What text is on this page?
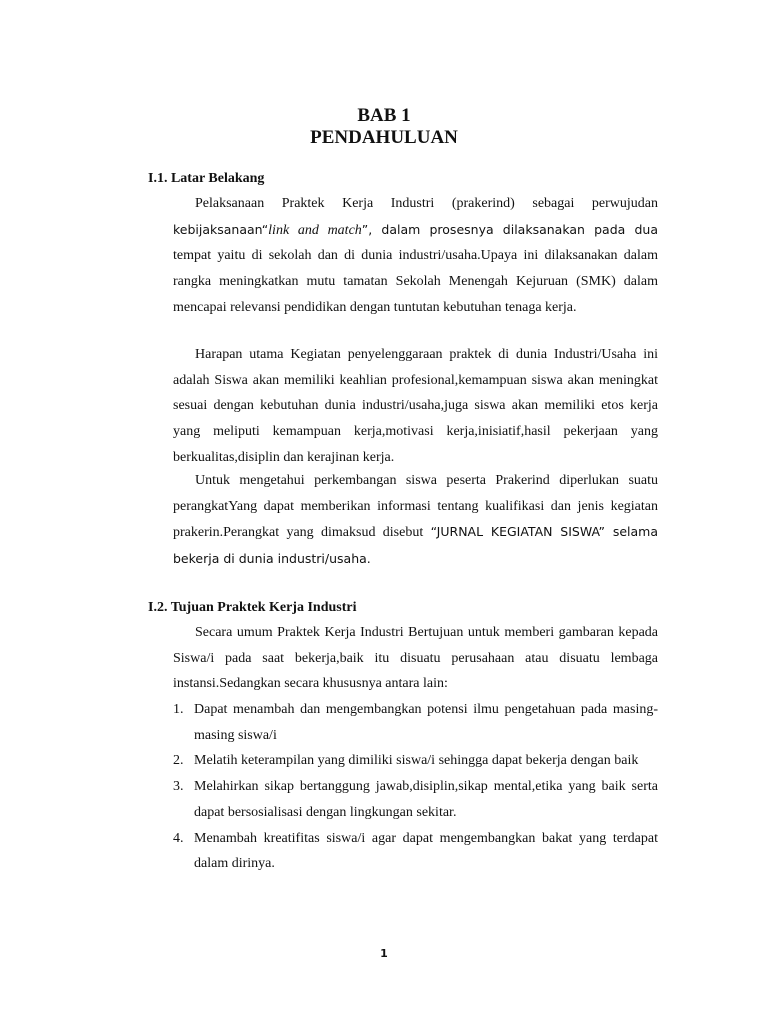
BAB 1
PENDAHULUAN
I.1. Latar Belakang
Pelaksanaan Praktek Kerja Industri (prakerind) sebagai perwujudan kebijaksanaan“link and match”, dalam prosesnya dilaksanakan pada dua tempat yaitu di sekolah dan di dunia industri/usaha.Upaya ini dilaksanakan dalam rangka meningkatkan mutu tamatan Sekolah Menengah Kejuruan (SMK) dalam mencapai relevansi pendidikan dengan tuntutan kebutuhan tenaga kerja.
Harapan utama Kegiatan penyelenggaraan praktek di dunia Industri/Usaha ini adalah Siswa akan memiliki keahlian profesional,kemampuan siswa akan meningkat sesuai dengan kebutuhan dunia industri/usaha,juga siswa akan memiliki etos kerja yang meliputi kemampuan kerja,motivasi kerja,inisiatif,hasil pekerjaan yang berkualitas,disiplin dan kerajinan kerja.
Untuk mengetahui perkembangan siswa peserta Prakerind diperlukan suatu perangkatYang dapat memberikan informasi tentang kualifikasi dan jenis kegiatan prakerin.Perangkat yang dimaksud disebut “JURNAL KEGIATAN SISWA” selama bekerja di dunia industri/usaha.
I.2. Tujuan Praktek Kerja Industri
Secara umum Praktek Kerja Industri Bertujuan untuk memberi gambaran kepada Siswa/i pada saat bekerja,baik itu disuatu perusahaan atau disuatu lembaga instansi.Sedangkan secara khususnya antara lain:
1. Dapat menambah dan mengembangkan potensi ilmu pengetahuan pada masing-masing siswa/i
2. Melatih keterampilan yang dimiliki siswa/i sehingga dapat bekerja dengan baik
3. Melahirkan sikap bertanggung jawab,disiplin,sikap mental,etika yang baik serta dapat bersosialisasi dengan lingkungan sekitar.
4. Menambah kreatifitas siswa/i agar dapat mengembangkan bakat yang terdapat dalam dirinya.
1
